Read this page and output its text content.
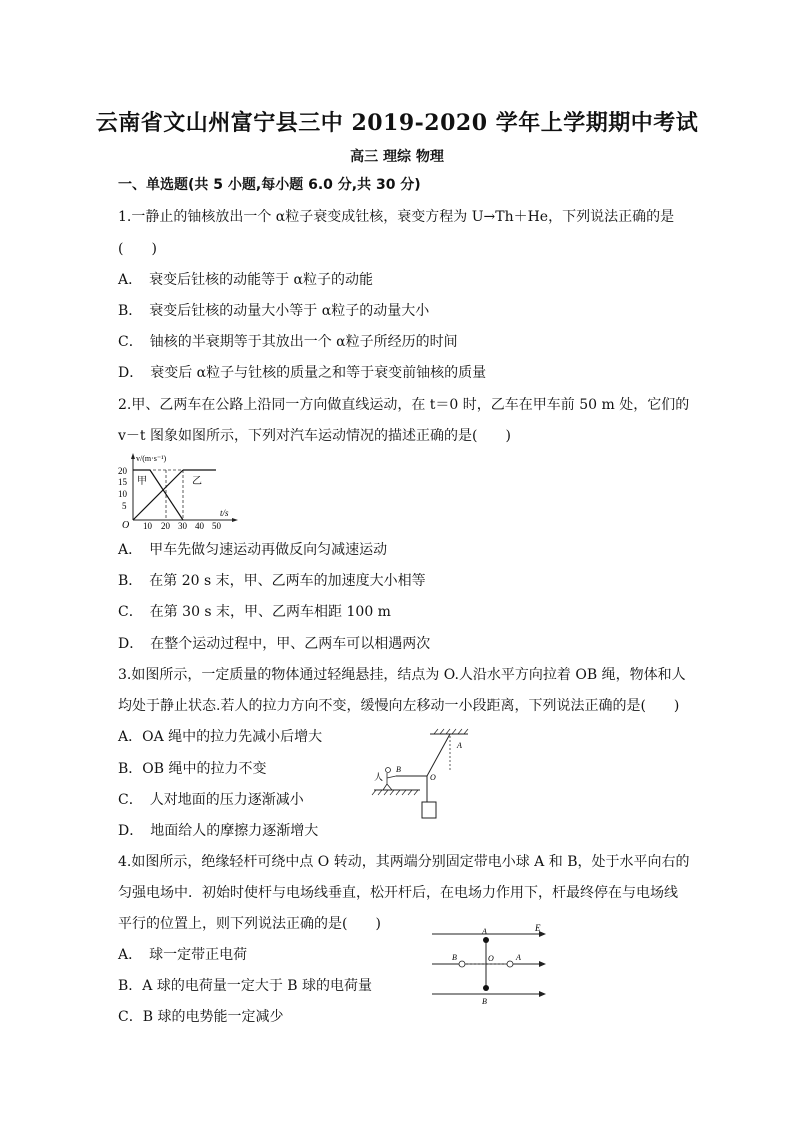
云南省文山州富宁县三中 2019-2020 学年上学期期中考试
高三 理综 物理
一、单选题(共 5 小题,每小题 6.0 分,共 30 分)
1.一静止的铀核放出一个 α粒子衰变成钍核，衰变方程为 U→Th＋He，下列说法正确的是
(　　)
A．　衰变后钍核的动能等于 α粒子的动能
B．　衰变后钍核的动量大小等于 α粒子的动量大小
C．　铀核的半衰期等于其放出一个 α粒子所经历的时间
D．　衰变后 α粒子与钍核的质量之和等于衰变前铀核的质量
2.甲、乙两车在公路上沿同一方向做直线运动，在 t＝0 时，乙车在甲车前 50 m 处，它们的
v－t 图象如图所示，下列对汽车运动情况的描述正确的是(　　)
v/(m·s⁻¹)
t/s
O
20
15
10
5
10 20 30 40 50
甲	乙
A．　甲车先做匀速运动再做反向匀减速运动
B．　在第 20 s 末，甲、乙两车的加速度大小相等
C．　在第 30 s 末，甲、乙两车相距 100 m
D．　在整个运动过程中，甲、乙两车可以相遇两次
3.如图所示，一定质量的物体通过轻绳悬挂，结点为 O.人沿水平方向拉着 OB 绳，物体和人
均处于静止状态.若人的拉力方向不变，缓慢向左移动一小段距离，下列说法正确的是(　　)
A．OA 绳中的拉力先减小后增大
B．OB 绳中的拉力不变
C．　人对地面的压力逐渐减小
D．　地面给人的摩擦力逐渐增大
A
B
O
人
4.如图所示，绝缘轻杆可绕中点 O 转动，其两端分别固定带电小球 A 和 B，处于水平向右的
匀强电场中．初始时使杆与电场线垂直，松开杆后，在电场力作用下，杆最终停在与电场线
平行的位置上，则下列说法正确的是(　　)
A．　球一定带正电荷
B．A 球的电荷量一定大于 B 球的电荷量
C．B 球的电势能一定减少
E
A
B
B	A
O
